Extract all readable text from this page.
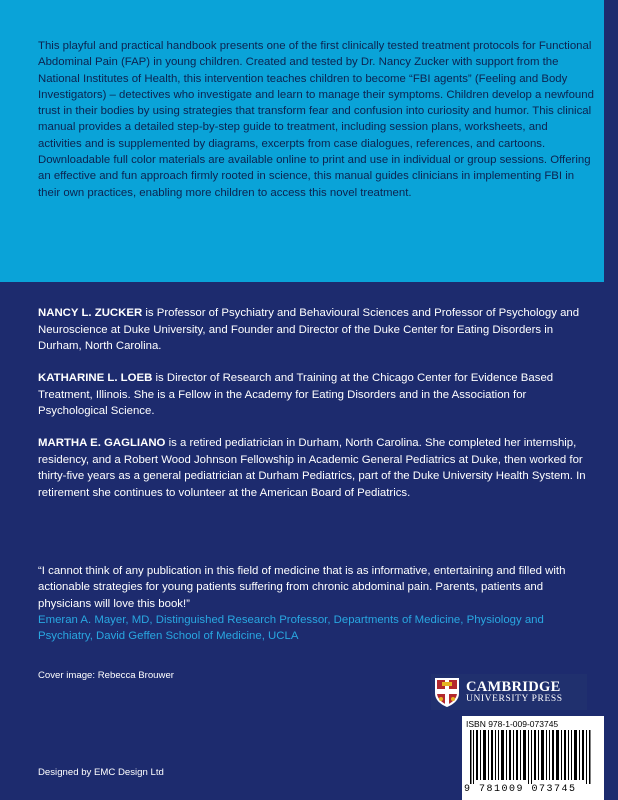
This playful and practical handbook presents one of the first clinically tested treatment protocols for Functional Abdominal Pain (FAP) in young children. Created and tested by Dr. Nancy Zucker with support from the National Institutes of Health, this intervention teaches children to become “FBI agents” (Feeling and Body Investigators) – detectives who investigate and learn to manage their symptoms. Children develop a newfound trust in their bodies by using strategies that transform fear and confusion into curiosity and humor. This clinical manual provides a detailed step-by-step guide to treatment, including session plans, worksheets, and activities and is supplemented by diagrams, excerpts from case dialogues, references, and cartoons. Downloadable full color materials are available online to print and use in individual or group sessions. Offering an effective and fun approach firmly rooted in science, this manual guides clinicians in implementing FBI in their own practices, enabling more children to access this novel treatment.

NANCY L. ZUCKER is Professor of Psychiatry and Behavioural Sciences and Professor of Psychology and Neuroscience at Duke University, and Founder and Director of the Duke Center for Eating Disorders in Durham, North Carolina.

KATHARINE L. LOEB is Director of Research and Training at the Chicago Center for Evidence Based Treatment, Illinois. She is a Fellow in the Academy for Eating Disorders and in the Association for Psychological Science.

MARTHA E. GAGLIANO is a retired pediatrician in Durham, North Carolina. She completed her internship, residency, and a Robert Wood Johnson Fellowship in Academic General Pediatrics at Duke, then worked for thirty-five years as a general pediatrician at Durham Pediatrics, part of the Duke University Health System. In retirement she continues to volunteer at the American Board of Pediatrics.

“I cannot think of any publication in this field of medicine that is as informative, entertaining and filled with actionable strategies for young patients suffering from chronic abdominal pain. Parents, patients and physicians will love this book!”
Emeran A. Mayer, MD, Distinguished Research Professor, Departments of Medicine, Physiology and Psychiatry, David Geffen School of Medicine, UCLA

Cover image: Rebecca Brouwer

Designed by EMC Design Ltd

CAMBRIDGE
UNIVERSITY PRESS
ISBN 978-1-009-073745
9 781009 073745
